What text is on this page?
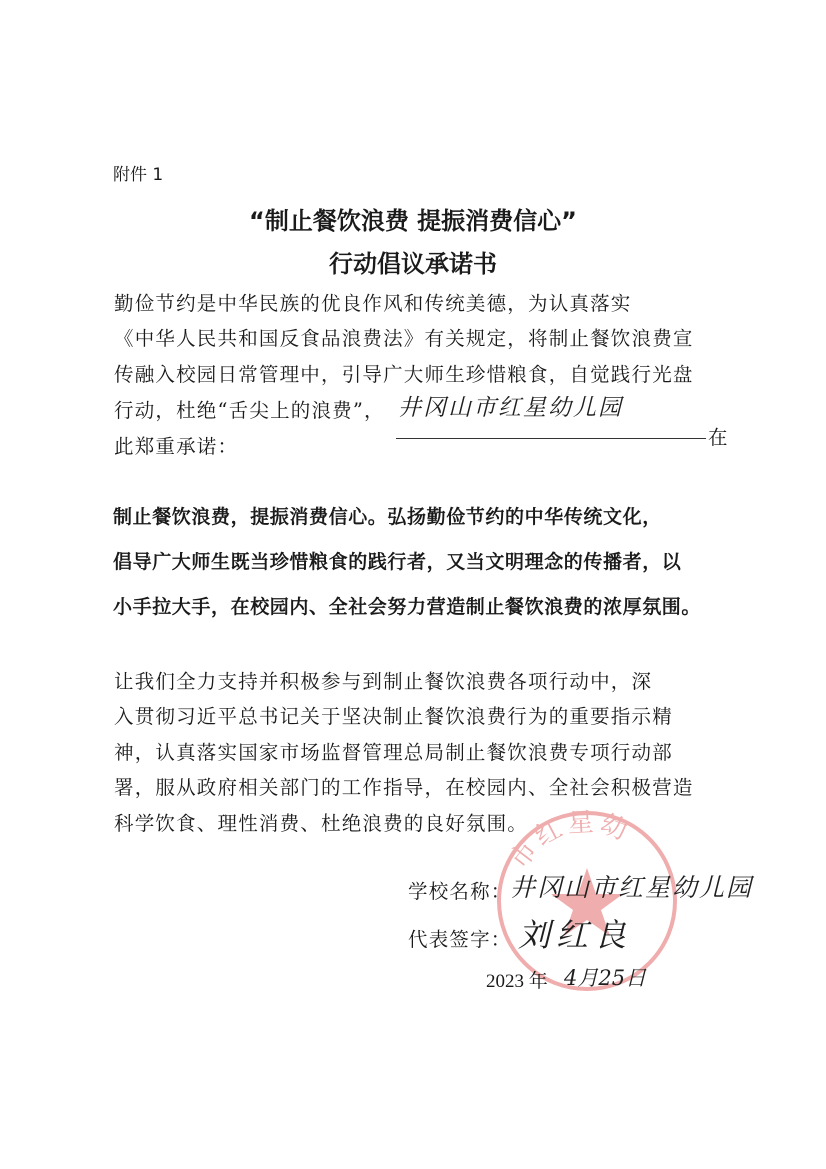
附件 1
“制止餐饮浪费 提振消费信心”
行动倡议承诺书
勤俭节约是中华民族的优良作风和传统美德，为认真落实
《中华人民共和国反食品浪费法》有关规定，将制止餐饮浪费宣
传融入校园日常管理中，引导广大师生珍惜粮食，自觉践行光盘
行动，杜绝“舌尖上的浪费”， 井冈山市红星幼儿园
在
此郑重承诺：
制止餐饮浪费，提振消费信心。弘扬勤俭节约的中华传统文化，
倡导广大师生既当珍惜粮食的践行者，又当文明理念的传播者，以
小手拉大手，在校园内、全社会努力营造制止餐饮浪费的浓厚氛围。
让我们全力支持并积极参与到制止餐饮浪费各项行动中，深
入贯彻习近平总书记关于坚决制止餐饮浪费行为的重要指示精
神，认真落实国家市场监督管理总局制止餐饮浪费专项行动部
署，服从政府相关部门的工作指导，在校园内、全社会积极营造
科学饮食、理性消费、杜绝浪费的良好氛围。
市红星幼
学校名称：
井冈山市红星幼儿园
代表签字： 刘红良
2023 年 4月25日
